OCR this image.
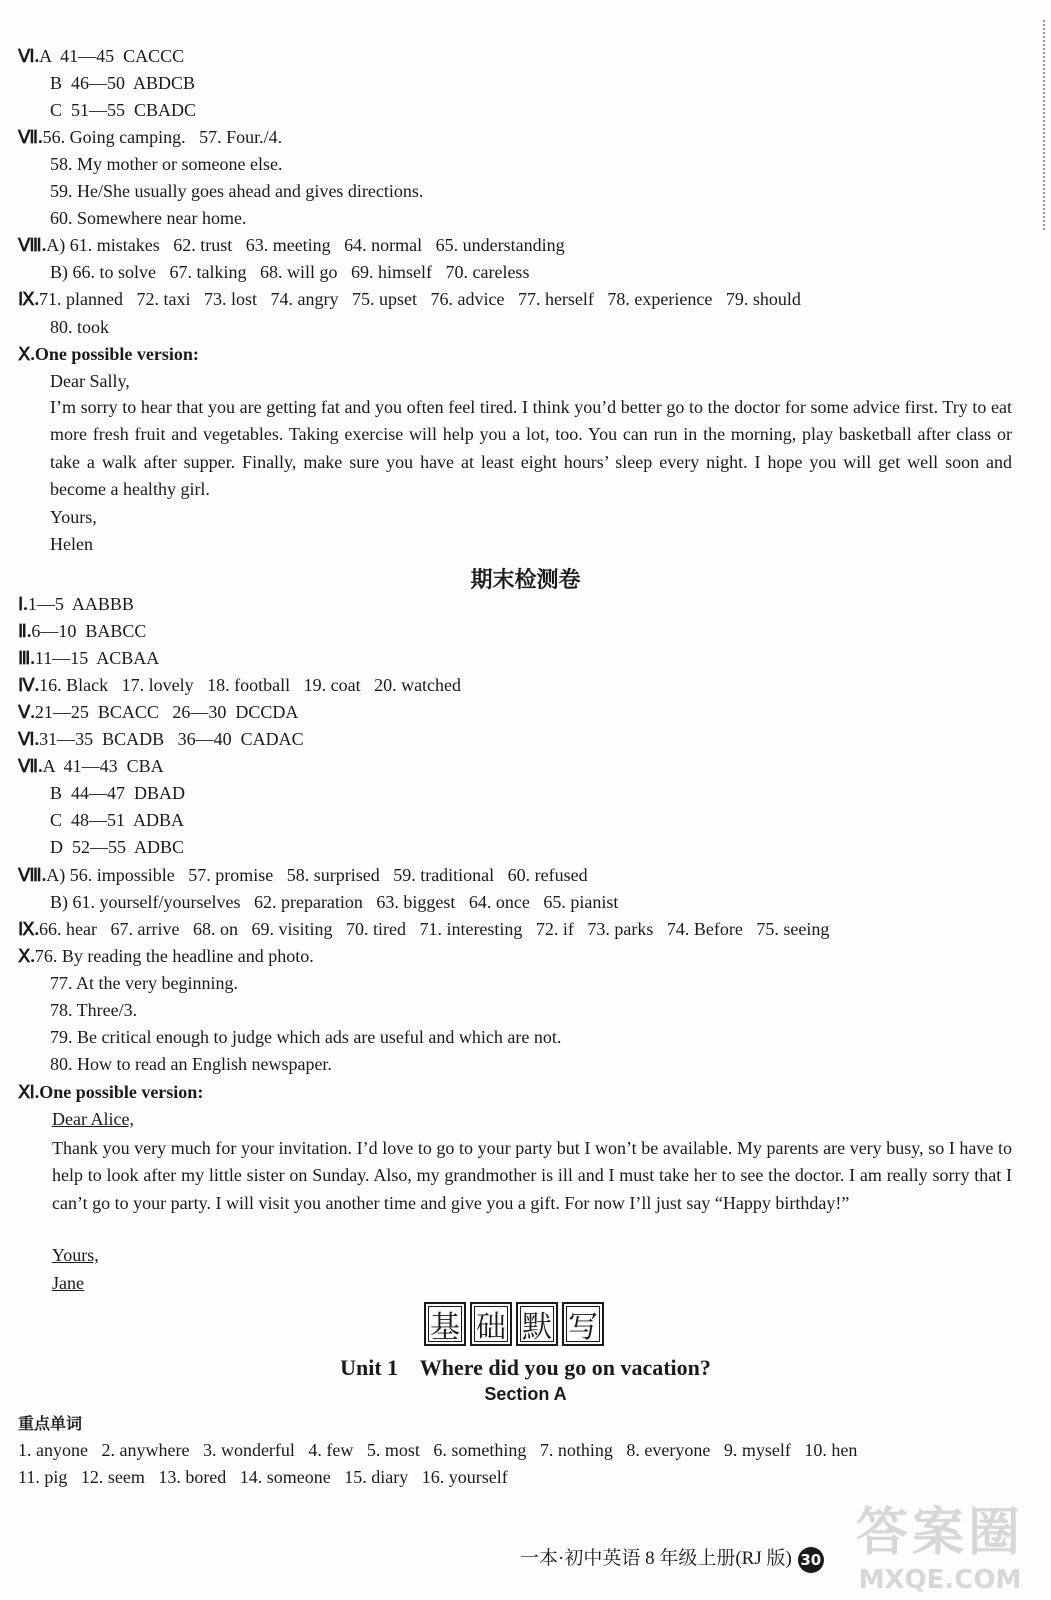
Ⅵ.A  41—45  CACCC
B  46—50  ABDCB
C  51—55  CBADC
Ⅶ.56. Going camping.   57. Four./4.
58. My mother or someone else.
59. He/She usually goes ahead and gives directions.
60. Somewhere near home.
Ⅷ.A) 61. mistakes   62. trust   63. meeting   64. normal   65. understanding
B) 66. to solve   67. talking   68. will go   69. himself   70. careless
Ⅸ.71. planned   72. taxi   73. lost   74. angry   75. upset   76. advice   77. herself   78. experience   79. should
80. took
Ⅹ.One possible version:
Dear Sally,
Yours,
Helen
Ⅰ.1—5  AABBB
Ⅱ.6—10  BABCC
Ⅲ.11—15  ACBAA
Ⅳ.16. Black   17. lovely   18. football   19. coat   20. watched
Ⅴ.21—25  BCACC   26—30  DCCDA
Ⅵ.31—35  BCADB   36—40  CADAC
Ⅶ.A  41—43  CBA
B  44—47  DBAD
C  48—51  ADBA
D  52—55  ADBC
Ⅷ.A) 56. impossible   57. promise   58. surprised   59. traditional   60. refused
B) 61. yourself/yourselves   62. preparation   63. biggest   64. once   65. pianist
Ⅸ.66. hear   67. arrive   68. on   69. visiting   70. tired   71. interesting   72. if   73. parks   74. Before   75. seeing
Ⅹ.76. By reading the headline and photo.
77. At the very beginning.
78. Three/3.
79. Be critical enough to judge which ads are useful and which are not.
80. How to read an English newspaper.
Ⅺ.One possible version:
Dear Alice,
Yours,
Jane
I’m sorry to hear that you are getting fat and you often feel tired. I think you’d better go to the doctor for some advice first. Try to eat more fresh fruit and vegetables. Taking exercise will help you a lot, too. You can run in the morning, play basketball after class or take a walk after supper. Finally, make sure you have at least eight hours’ sleep every night. I hope you will get well soon and become a healthy girl.
期末检测卷
Thank you very much for your invitation. I’d love to go to your party but I won’t be available. My parents are very busy, so I have to help to look after my little sister on Sunday. Also, my grandmother is ill and I must take her to see the doctor. I am really sorry that I can’t go to your party. I will visit you another time and give you a gift. For now I’ll just say “Happy birthday!”
基 础 默 写
Unit 1    Where did you go on vacation?
Section A
重点单词
1. anyone   2. anywhere   3. wonderful   4. few   5. most   6. something   7. nothing   8. everyone   9. myself   10. hen
11. pig   12. seem   13. bored   14. someone   15. diary   16. yourself
一本·初中英语 8 年级上册(RJ 版) 30 答案圈
MXQE.COM
